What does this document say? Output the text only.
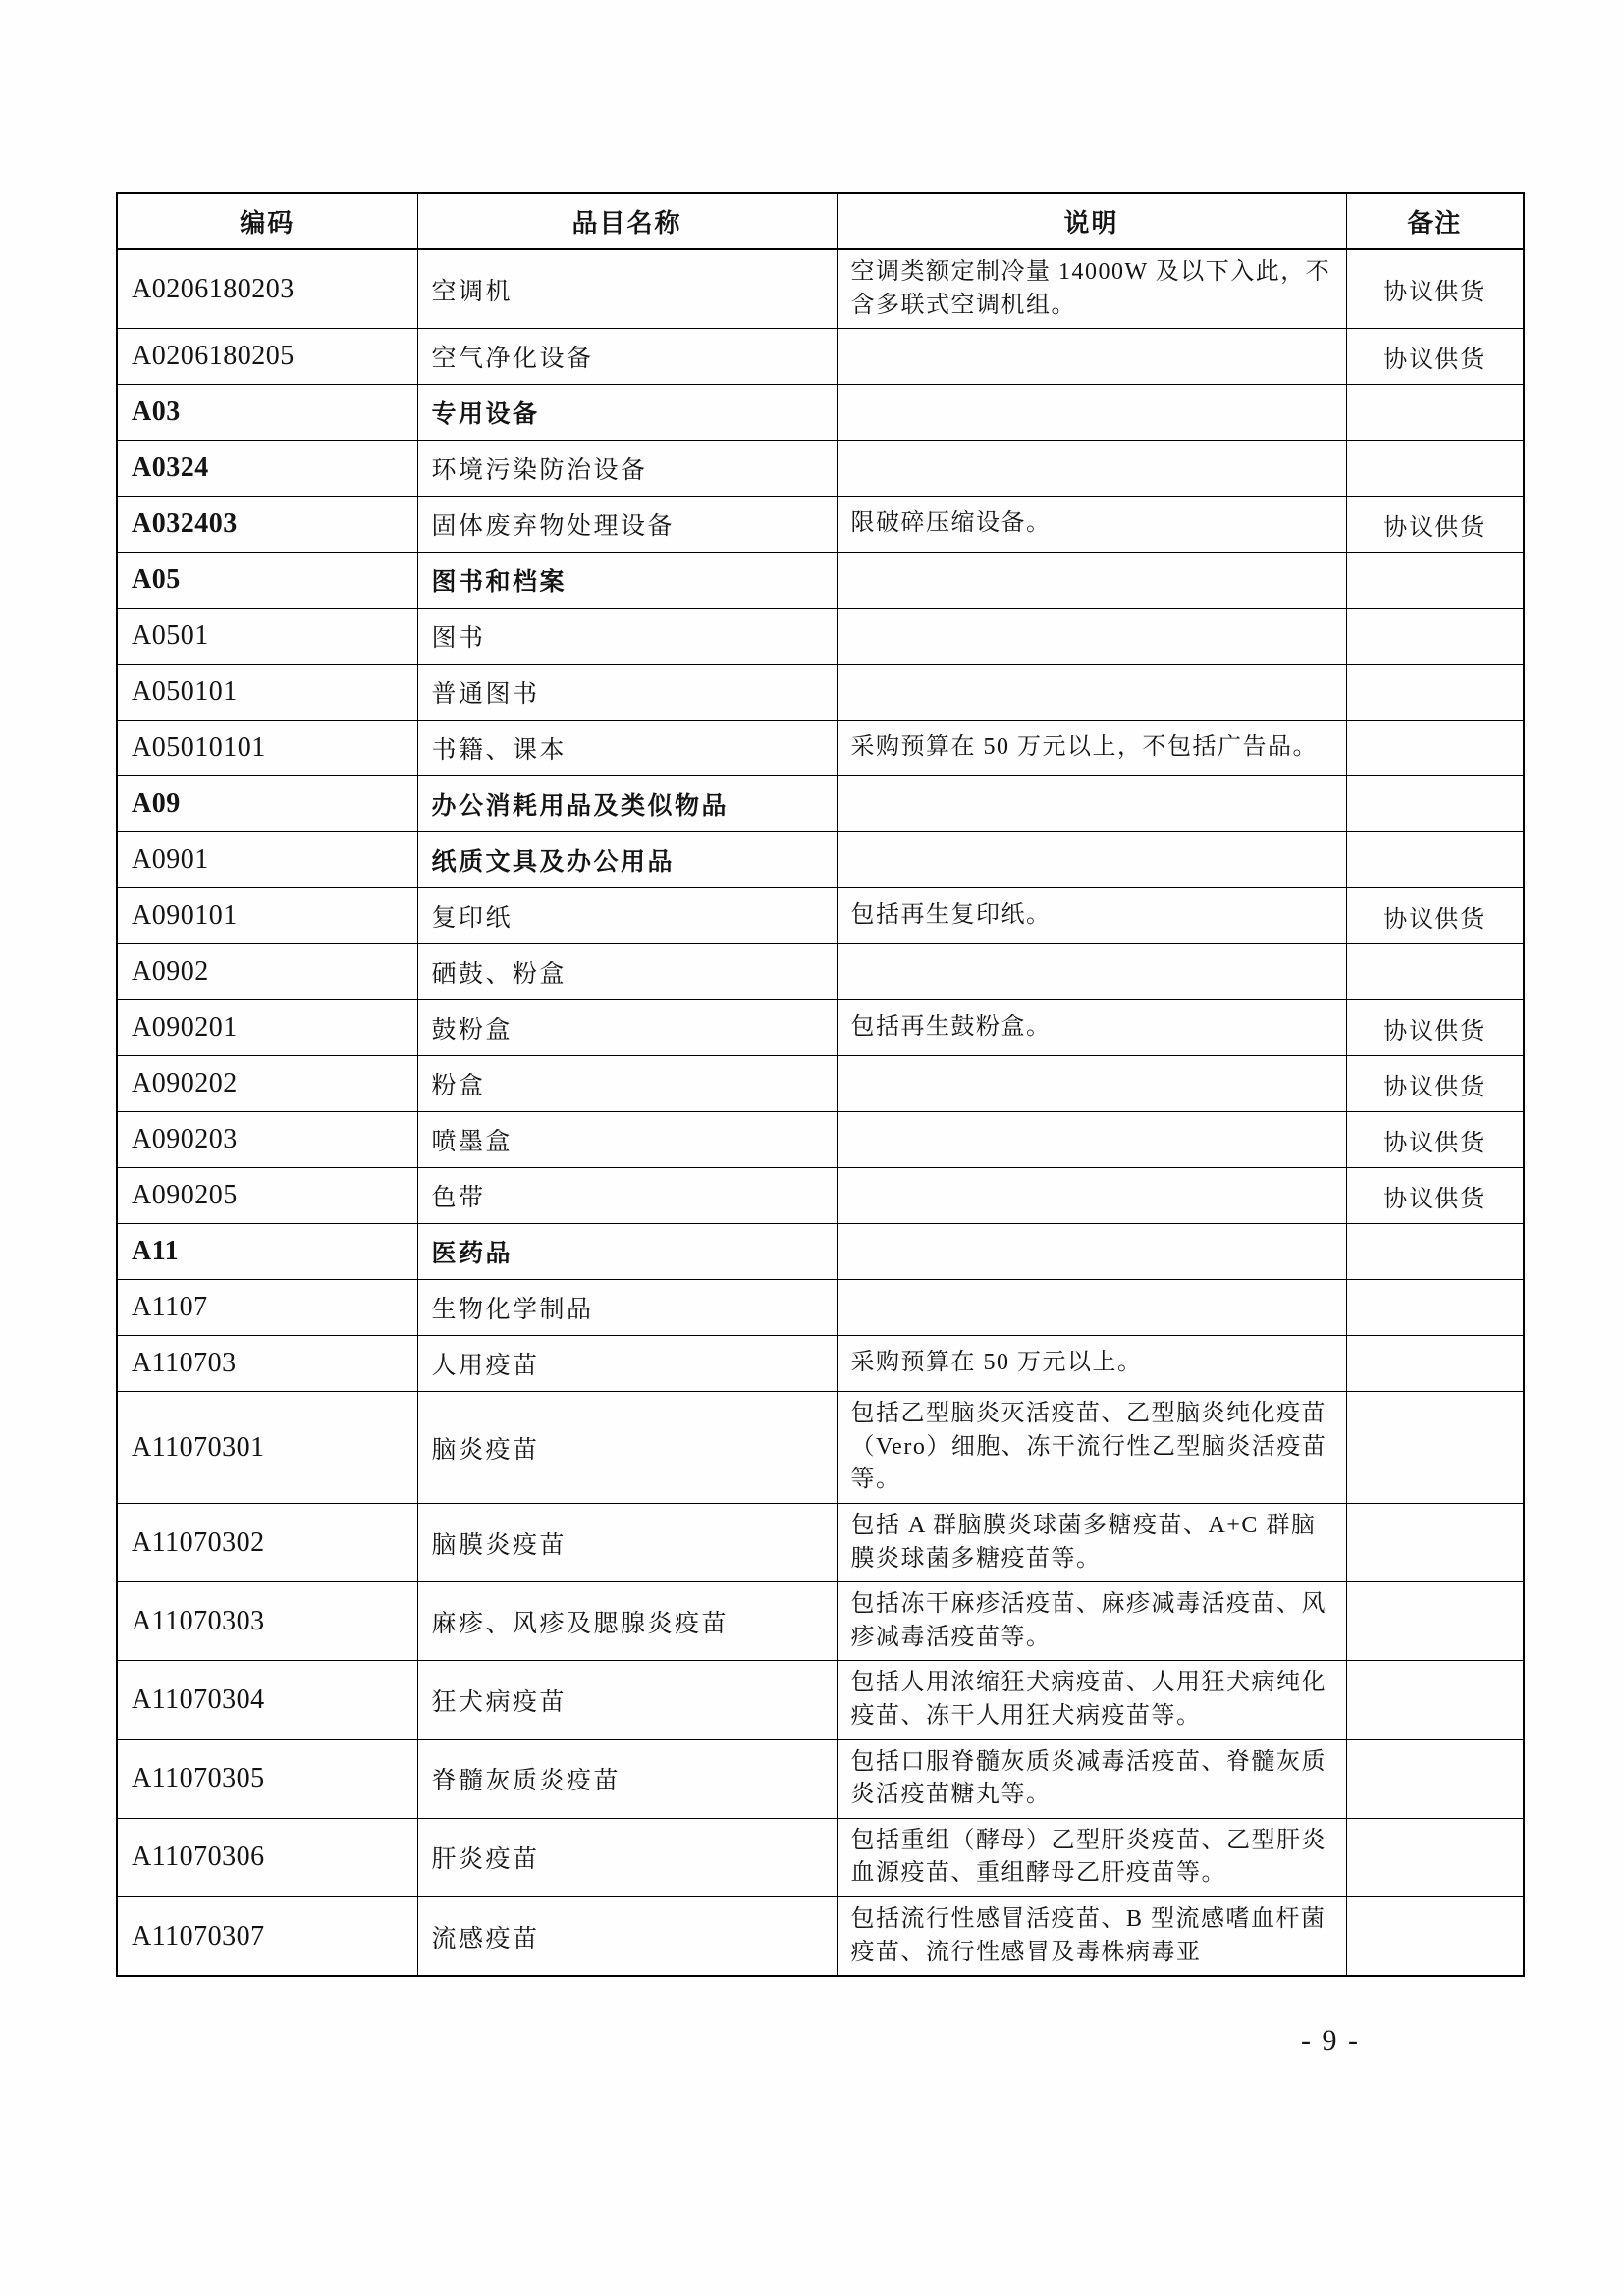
编码	品目名称	说明	备注
A0206180203	空调机	空调类额定制冷量 14000W 及以下入此，不含多联式空调机组。	协议供货
A0206180205	空气净化设备		协议供货
A03	专用设备		
A0324	环境污染防治设备		
A032403	固体废弃物处理设备	限破碎压缩设备。	协议供货
A05	图书和档案		
A0501	图书		
A050101	普通图书		
A05010101	书籍、课本	采购预算在 50 万元以上，不包括广告品。	
A09	办公消耗用品及类似物品		
A0901	纸质文具及办公用品		
A090101	复印纸	包括再生复印纸。	协议供货
A0902	硒鼓、粉盒		
A090201	鼓粉盒	包括再生鼓粉盒。	协议供货
A090202	粉盒		协议供货
A090203	喷墨盒		协议供货
A090205	色带		协议供货
A11	医药品		
A1107	生物化学制品		
A110703	人用疫苗	采购预算在 50 万元以上。	
A11070301	脑炎疫苗	包括乙型脑炎灭活疫苗、乙型脑炎纯化疫苗（Vero）细胞、冻干流行性乙型脑炎活疫苗等。	
A11070302	脑膜炎疫苗	包括 A 群脑膜炎球菌多糖疫苗、A+C 群脑膜炎球菌多糖疫苗等。	
A11070303	麻疹、风疹及腮腺炎疫苗	包括冻干麻疹活疫苗、麻疹减毒活疫苗、风疹减毒活疫苗等。	
A11070304	狂犬病疫苗	包括人用浓缩狂犬病疫苗、人用狂犬病纯化疫苗、冻干人用狂犬病疫苗等。	
A11070305	脊髓灰质炎疫苗	包括口服脊髓灰质炎减毒活疫苗、脊髓灰质炎活疫苗糖丸等。	
A11070306	肝炎疫苗	包括重组（酵母）乙型肝炎疫苗、乙型肝炎血源疫苗、重组酵母乙肝疫苗等。	
A11070307	流感疫苗	包括流行性感冒活疫苗、B 型流感嗜血杆菌疫苗、流行性感冒及毒株病毒亚	
- 9 -
